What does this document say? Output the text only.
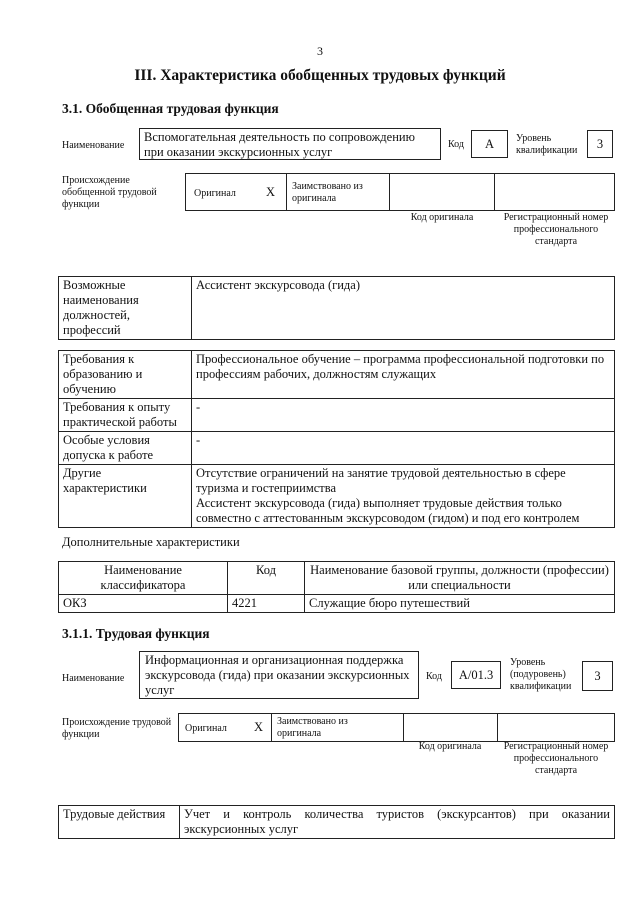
3
III. Характеристика обобщенных трудовых функций
3.1. Обобщенная трудовая функция
Наименование
Вспомогательная деятельность по сопровождению при оказании экскурсионных услуг
Код	А	Уровень квалификации	3
Происхождение обобщенной трудовой функции
Оригинал X Заимствовано из оригинала
Код оригинала	Регистрационный номер профессионального стандарта
Возможные наименования должностей, профессий	Ассистент экскурсовода (гида)
Требования к образованию и обучению	Профессиональное обучение – программа профессиональной подготовки по профессиям рабочих, должностям служащих
Требования к опыту практической работы	-
Особые условия допуска к работе	-
Другие характеристики	Отсутствие ограничений на занятие трудовой деятельностью в сфере туризма и гостеприимства
Ассистент экскурсовода (гида) выполняет трудовые действия только совместно с аттестованным экскурсоводом (гидом) и под его контролем
Дополнительные характеристики
Наименование классификатора	Код	Наименование базовой группы, должности (профессии) или специальности
ОКЗ	4221	Служащие бюро путешествий
3.1.1. Трудовая функция
Наименование
Информационная и организационная поддержка экскурсовода (гида) при оказании экскурсионных услуг
Код	А/01.3
Уровень (подуровень) квалификации
3
Происхождение трудовой функции
Оригинал X Заимствовано из оригинала
Код оригинала	Регистрационный номер профессионального стандарта
Трудовые действия	Учет и контроль количества туристов (экскурсантов) при оказании экскурсионных услуг
